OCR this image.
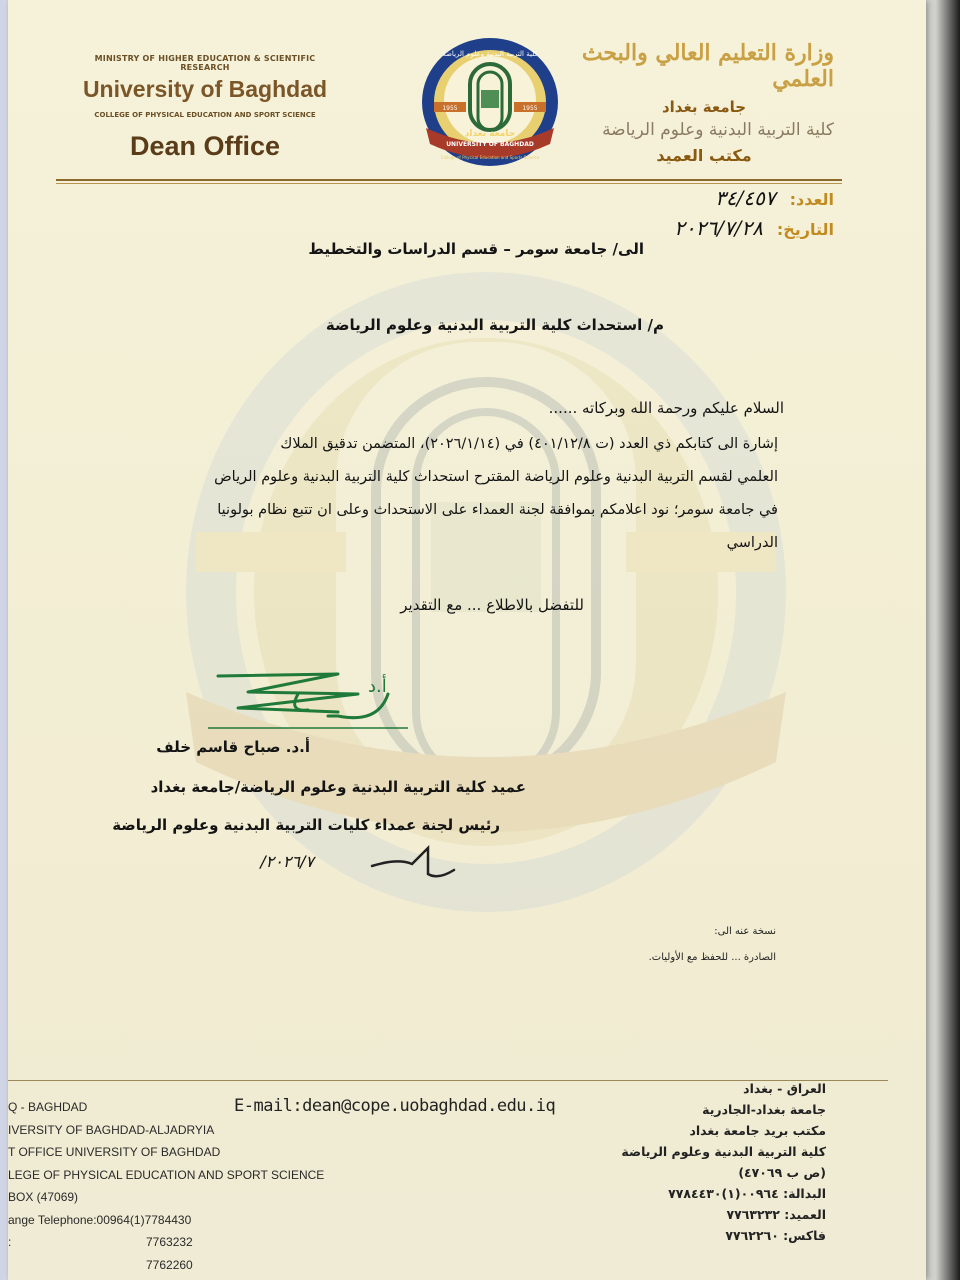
MINISTRY OF HIGHER EDUCATION & SCIENTIFIC RESEARCH
University of Baghdad
COLLEGE OF PHYSICAL EDUCATION AND SPORT SCIENCE
Dean Office
كلية التربية البدنية وعلوم الرياضة
1955	1955
جامعة بغداد
UNIVERSITY OF BAGHDAD
College of Physical Education and Sports Science
وزارة التعليم العالي والبحث العلمي
جامعة بغداد
كلية التربية البدنية وعلوم الرياضة
مكتب العميد
العدد:
٣٤/٤٥٧
التاريخ:
٢٠٢٦/٧/٢٨
الى/ جامعة سومر – قسم الدراسات والتخطيط
م/ استحداث كلية التربية البدنية وعلوم الرياضة
السلام عليكم ورحمة الله وبركاته ......
إشارة الى كتابكم ذي العدد (ت ٤٠١/١٢/٨) في (٢٠٢٦/١/١٤)، المتضمن تدقيق الملاك
العلمي لقسم التربية البدنية وعلوم الرياضة المقترح استحداث كلية التربية البدنية وعلوم الرياض
في جامعة سومر؛ نود اعلامكم بموافقة لجنة العمداء على الاستحداث وعلى ان تتبع نظام بولونيا
الدراسي
للتفضل بالاطلاع ... مع التقدير
أ.د
أ.د. صباح قاسم خلف
عميد كلية التربية البدنية وعلوم الرياضة/جامعة بغداد
رئيس لجنة عمداء كليات التربية البدنية وعلوم الرياضة
٢٠٢٦/٧/
نسخة عنه الى:
الصادرة ... للحفظ مع الأوليات.
Q - BAGHDAD
IVERSITY OF BAGHDAD-ALJADRYIA
T OFFICE UNIVERSITY OF BAGHDAD
LEGE OF PHYSICAL EDUCATION AND SPORT SCIENCE
BOX (47069)
ange Telephone:00964(1)7784430
:	7763232
7762260
E-mail:dean@cope.uobaghdad.edu.iq
العراق - بغداد
جامعة بغداد-الجادرية
مكتب بريد جامعة بغداد
كلية التربية البدنية وعلوم الرياضة
(ص ب ٤٧٠٦٩)
البدالة: ٠٠٩٦٤(١)٧٧٨٤٤٣٠
العميد: ٧٧٦٣٢٣٢
فاكس: ٧٧٦٢٢٦٠
